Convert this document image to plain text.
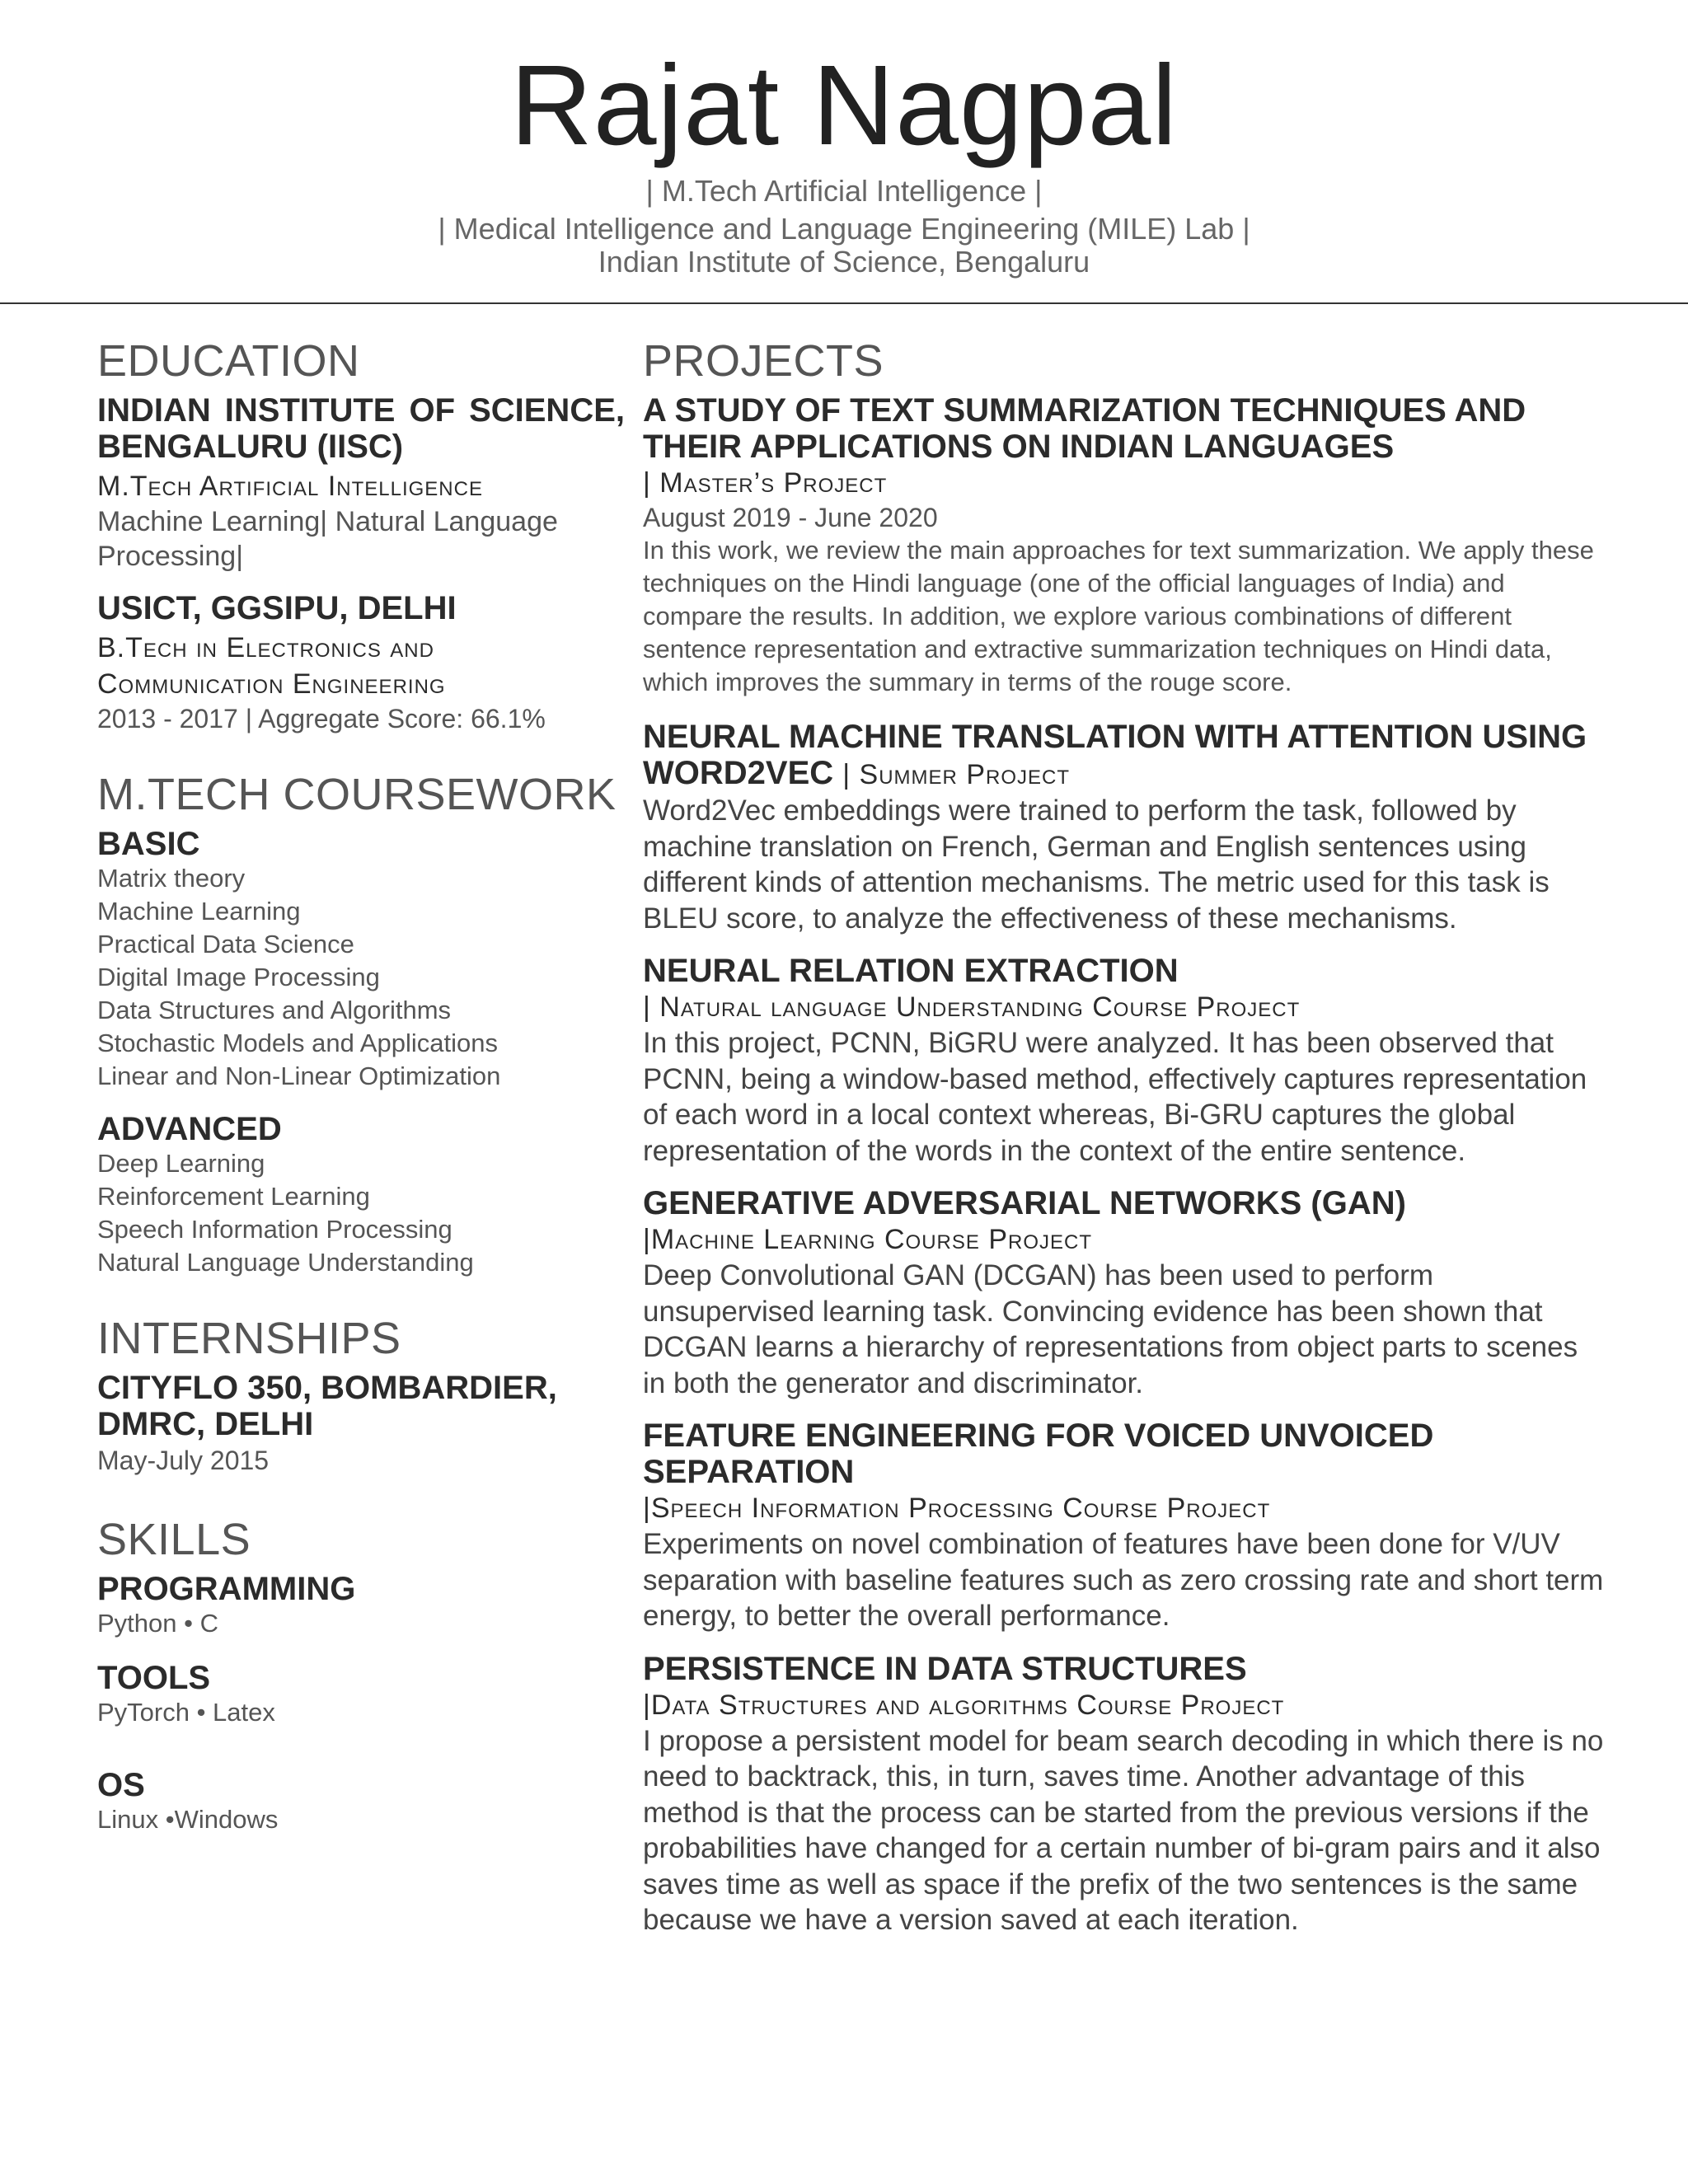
Rajat Nagpal
| M.Tech Artificial Intelligence |
| Medical Intelligence and Language Engineering (MILE) Lab |
Indian Institute of Science, Bengaluru
EDUCATION
INDIAN INSTITUTE OF SCIENCE, BENGALURU (IISC)
M.Tech Artificial Intelligence
Machine Learning| Natural Language Processing|
USICT, GGSIPU, DELHI
B.Tech in Electronics and Communication Engineering
2013 - 2017 | Aggregate Score: 66.1%
M.TECH COURSEWORK
BASIC
Matrix theory
Machine Learning
Practical Data Science
Digital Image Processing
Data Structures and Algorithms
Stochastic Models and Applications
Linear and Non-Linear Optimization
ADVANCED
Deep Learning
Reinforcement Learning
Speech Information Processing
Natural Language Understanding
INTERNSHIPS
CITYFLO 350, BOMBARDIER, DMRC, DELHI
May-July 2015
SKILLS
PROGRAMMING
Python • C
TOOLS
PyTorch • Latex
OS
Linux •Windows
PROJECTS
A STUDY OF TEXT SUMMARIZATION TECHNIQUES AND THEIR APPLICATIONS ON INDIAN LANGUAGES
| Master’s Project
August 2019 - June 2020
In this work, we review the main approaches for text summarization. We apply these techniques on the Hindi language (one of the official languages of India) and compare the results. In addition, we explore various combinations of different sentence representation and extractive summarization techniques on Hindi data, which improves the summary in terms of the rouge score.
NEURAL MACHINE TRANSLATION WITH ATTENTION USING WORD2VEC | Summer Project
Word2Vec embeddings were trained to perform the task, followed by machine translation on French, German and English sentences using different kinds of attention mechanisms. The metric used for this task is BLEU score, to analyze the effectiveness of these mechanisms.
NEURAL RELATION EXTRACTION
| Natural language Understanding Course Project
In this project, PCNN, BiGRU were analyzed. It has been observed that PCNN, being a window-based method, effectively captures representation of each word in a local context whereas, Bi-GRU captures the global representation of the words in the context of the entire sentence.
GENERATIVE ADVERSARIAL NETWORKS (GAN)
|Machine Learning Course Project
Deep Convolutional GAN (DCGAN) has been used to perform unsupervised learning task. Convincing evidence has been shown that DCGAN learns a hierarchy of representations from object parts to scenes in both the generator and discriminator.
FEATURE ENGINEERING FOR VOICED UNVOICED SEPARATION
|Speech Information Processing Course Project
Experiments on novel combination of features have been done for V/UV separation with baseline features such as zero crossing rate and short term energy, to better the overall performance.
PERSISTENCE IN DATA STRUCTURES
|Data Structures and algorithms Course Project
I propose a persistent model for beam search decoding in which there is no need to backtrack, this, in turn, saves time. Another advantage of this method is that the process can be started from the previous versions if the probabilities have changed for a certain number of bi-gram pairs and it also saves time as well as space if the prefix of the two sentences is the same because we have a version saved at each iteration.
